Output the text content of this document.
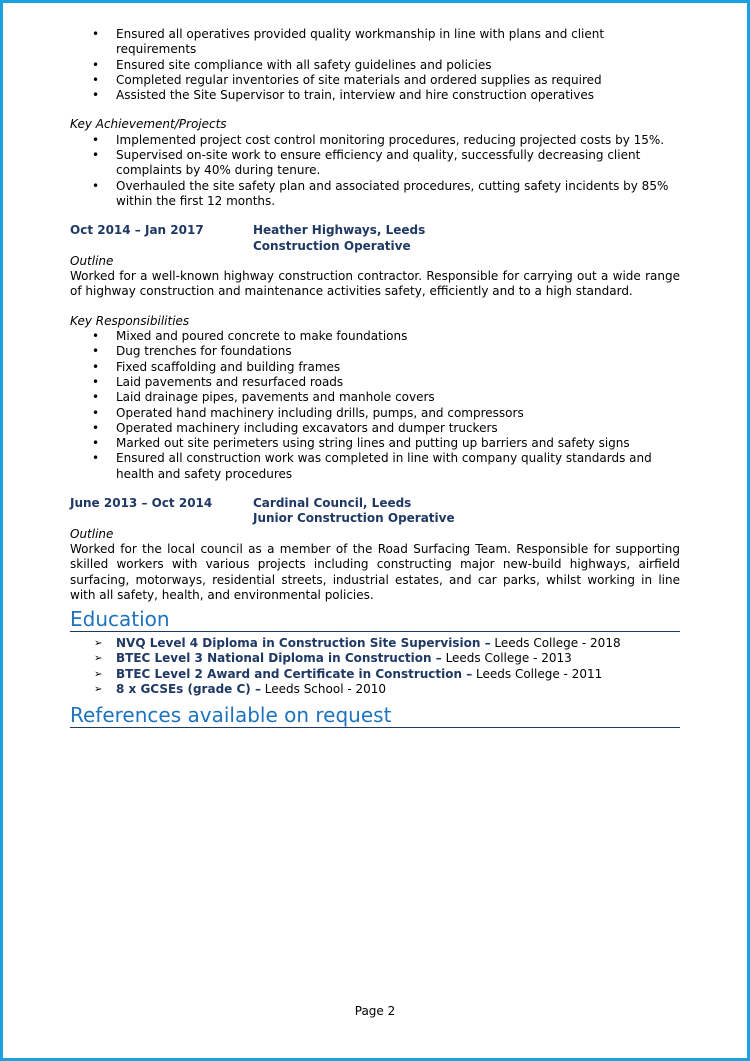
• Ensured all operatives provided quality workmanship in line with plans and client requirements
• Ensured site compliance with all safety guidelines and policies
• Completed regular inventories of site materials and ordered supplies as required
• Assisted the Site Supervisor to train, interview and hire construction operatives
Key Achievement/Projects
• Implemented project cost control monitoring procedures, reducing projected costs by 15%.
• Supervised on-site work to ensure efficiency and quality, successfully decreasing client complaints by 40% during tenure.
• Overhauled the site safety plan and associated procedures, cutting safety incidents by 85% within the first 12 months.
Oct 2014 – Jan 2017	Heather Highways, Leeds
Construction Operative
Outline
Worked for a well-known highway construction contractor. Responsible for carrying out a wide range of highway construction and maintenance activities safety, efficiently and to a high standard.
Key Responsibilities
• Mixed and poured concrete to make foundations
• Dug trenches for foundations
• Fixed scaffolding and building frames
• Laid pavements and resurfaced roads
• Laid drainage pipes, pavements and manhole covers
• Operated hand machinery including drills, pumps, and compressors
• Operated machinery including excavators and dumper truckers
• Marked out site perimeters using string lines and putting up barriers and safety signs
• Ensured all construction work was completed in line with company quality standards and health and safety procedures
June 2013 – Oct 2014	Cardinal Council, Leeds
Junior Construction Operative
Outline
Worked for the local council as a member of the Road Surfacing Team. Responsible for supporting skilled workers with various projects including constructing major new-build highways, airfield surfacing, motorways, residential streets, industrial estates, and car parks, whilst working in line with all safety, health, and environmental policies.
Education
➢ NVQ Level 4 Diploma in Construction Site Supervision – Leeds College - 2018
➢ BTEC Level 3 National Diploma in Construction – Leeds College - 2013
➢ BTEC Level 2 Award and Certificate in Construction – Leeds College - 2011
➢ 8 x GCSEs (grade C) – Leeds School - 2010
References available on request
Page 2
